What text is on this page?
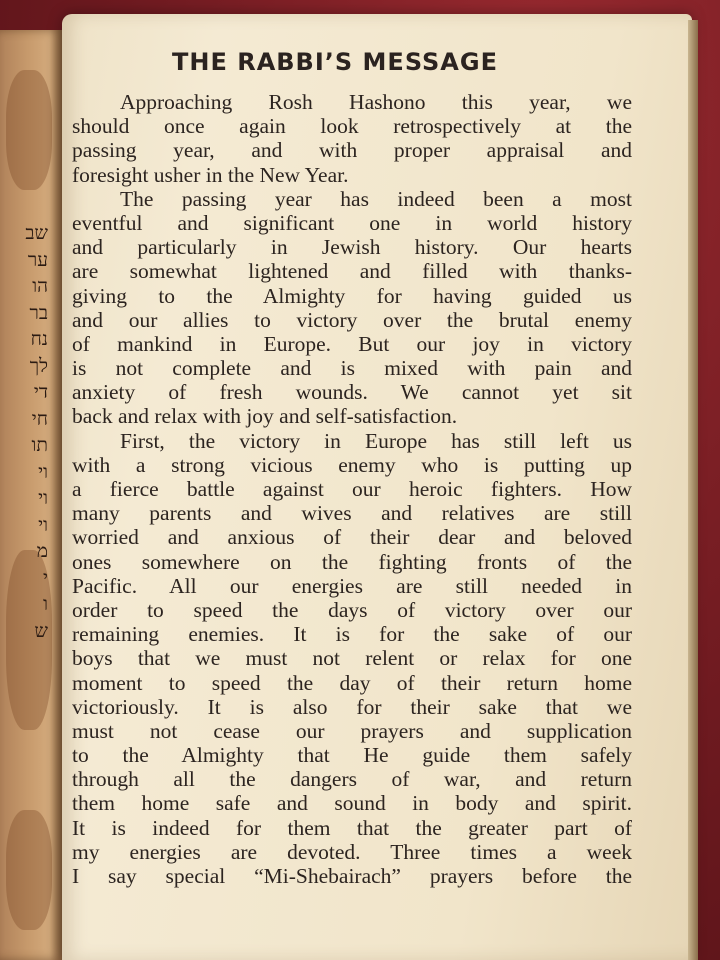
שב
ער
הו
בר
נח
לך
די
חי
תו
וי
וי
וי
מ
י
ו
ש
THE RABBI’S MESSAGE
Approaching Rosh Hashono this year, we
should once again look retrospectively at the
passing year, and with proper appraisal and
foresight usher in the New Year.
The passing year has indeed been a most
eventful and significant one in world history
and particularly in Jewish history. Our hearts
are somewhat lightened and filled with thanks-
giving to the Almighty for having guided us
and our allies to victory over the brutal enemy
of mankind in Europe. But our joy in victory
is not complete and is mixed with pain and
anxiety of fresh wounds. We cannot yet sit
back and relax with joy and self-satisfaction.
First, the victory in Europe has still left us
with a strong vicious enemy who is putting up
a fierce battle against our heroic fighters. How
many parents and wives and relatives are still
worried and anxious of their dear and beloved
ones somewhere on the fighting fronts of the
Pacific. All our energies are still needed in
order to speed the days of victory over our
remaining enemies. It is for the sake of our
boys that we must not relent or relax for one
moment to speed the day of their return home
victoriously. It is also for their sake that we
must not cease our prayers and supplication
to the Almighty that He guide them safely
through all the dangers of war, and return
them home safe and sound in body and spirit.
It is indeed for them that the greater part of
my energies are devoted. Three times a week
I say special “Mi-Shebairach” prayers before the
